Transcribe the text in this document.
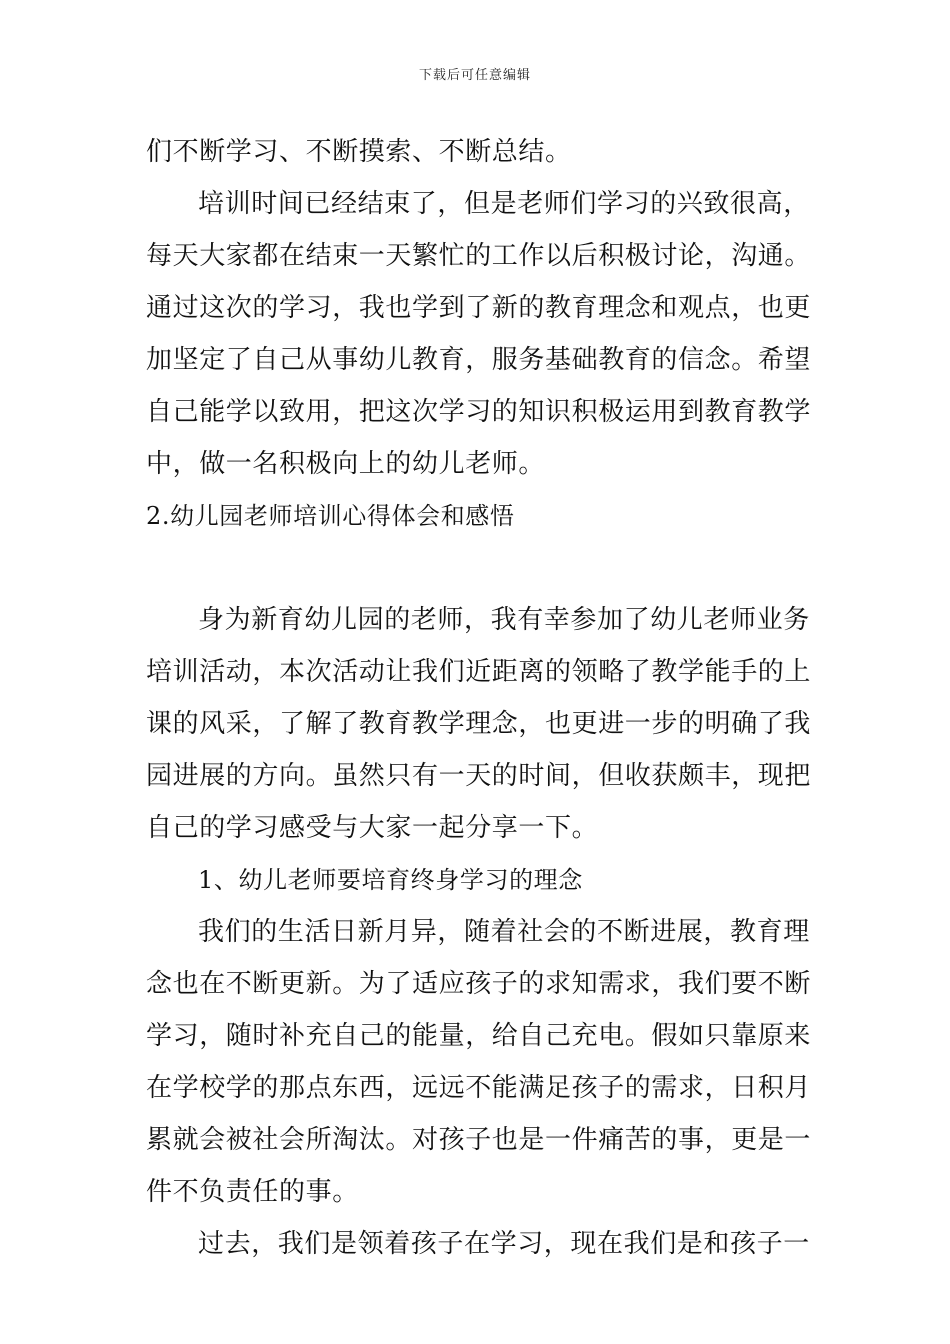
下载后可任意编辑
们不断学习、不断摸索、不断总结。
培训时间已经结束了，但是老师们学习的兴致很高，
每天大家都在结束一天繁忙的工作以后积极讨论，沟通。
通过这次的学习，我也学到了新的教育理念和观点，也更
加坚定了自己从事幼儿教育，服务基础教育的信念。希望
自己能学以致用，把这次学习的知识积极运用到教育教学
中，做一名积极向上的幼儿老师。
2.幼儿园老师培训心得体会和感悟
身为新育幼儿园的老师，我有幸参加了幼儿老师业务
培训活动，本次活动让我们近距离的领略了教学能手的上
课的风采，了解了教育教学理念，也更进一步的明确了我
园进展的方向。虽然只有一天的时间，但收获颇丰，现把
自己的学习感受与大家一起分享一下。
1、幼儿老师要培育终身学习的理念
我们的生活日新月异，随着社会的不断进展，教育理
念也在不断更新。为了适应孩子的求知需求，我们要不断
学习，随时补充自己的能量，给自己充电。假如只靠原来
在学校学的那点东西，远远不能满足孩子的需求，日积月
累就会被社会所淘汰。对孩子也是一件痛苦的事，更是一
件不负责任的事。
过去，我们是领着孩子在学习，现在我们是和孩子一
